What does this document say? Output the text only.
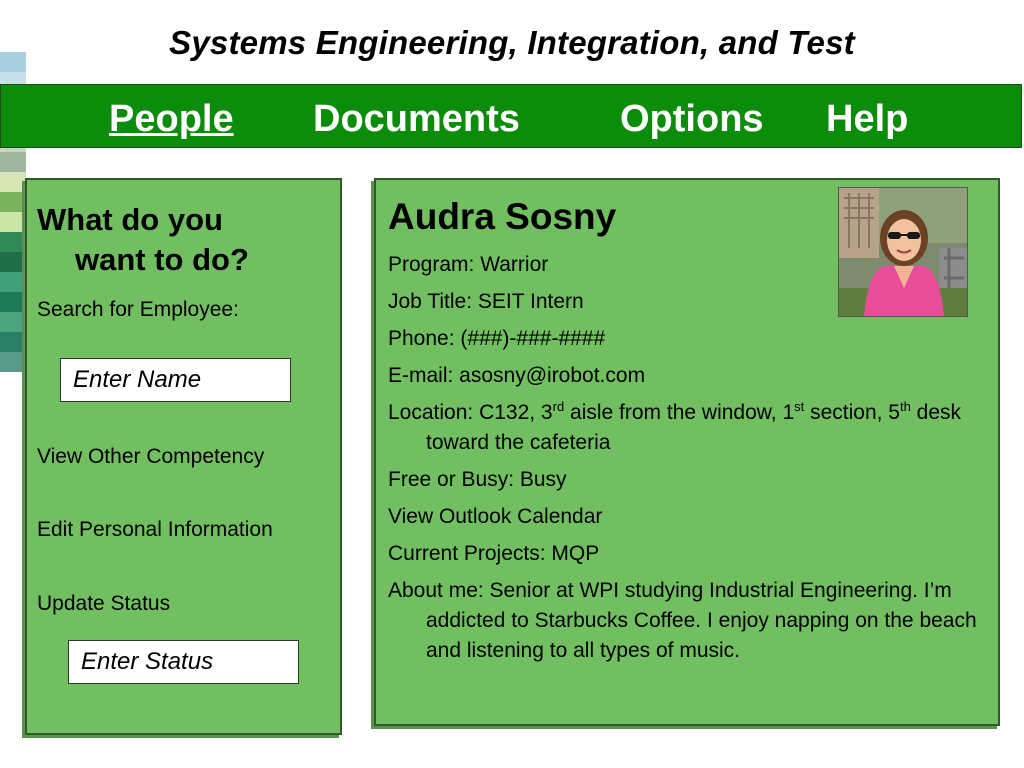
Systems Engineering, Integration, and Test
People Documents	Options Help
What do you
want to do?
Search for Employee:
Enter Name
View Other Competency
Edit Personal Information
Update Status
Enter Status
Audra Sosny
Program: Warrior
Job Title: SEIT Intern
Phone: (###)-###-####
E-mail: asosny@irobot.com
Location: C132, 3rd aisle from the window, 1st section, 5th desk toward the cafeteria
Free or Busy: Busy
View Outlook Calendar
Current Projects: MQP
About me: Senior at WPI studying Industrial Engineering. I’m addicted to Starbucks Coffee. I enjoy napping on the beach and listening to all types of music.
